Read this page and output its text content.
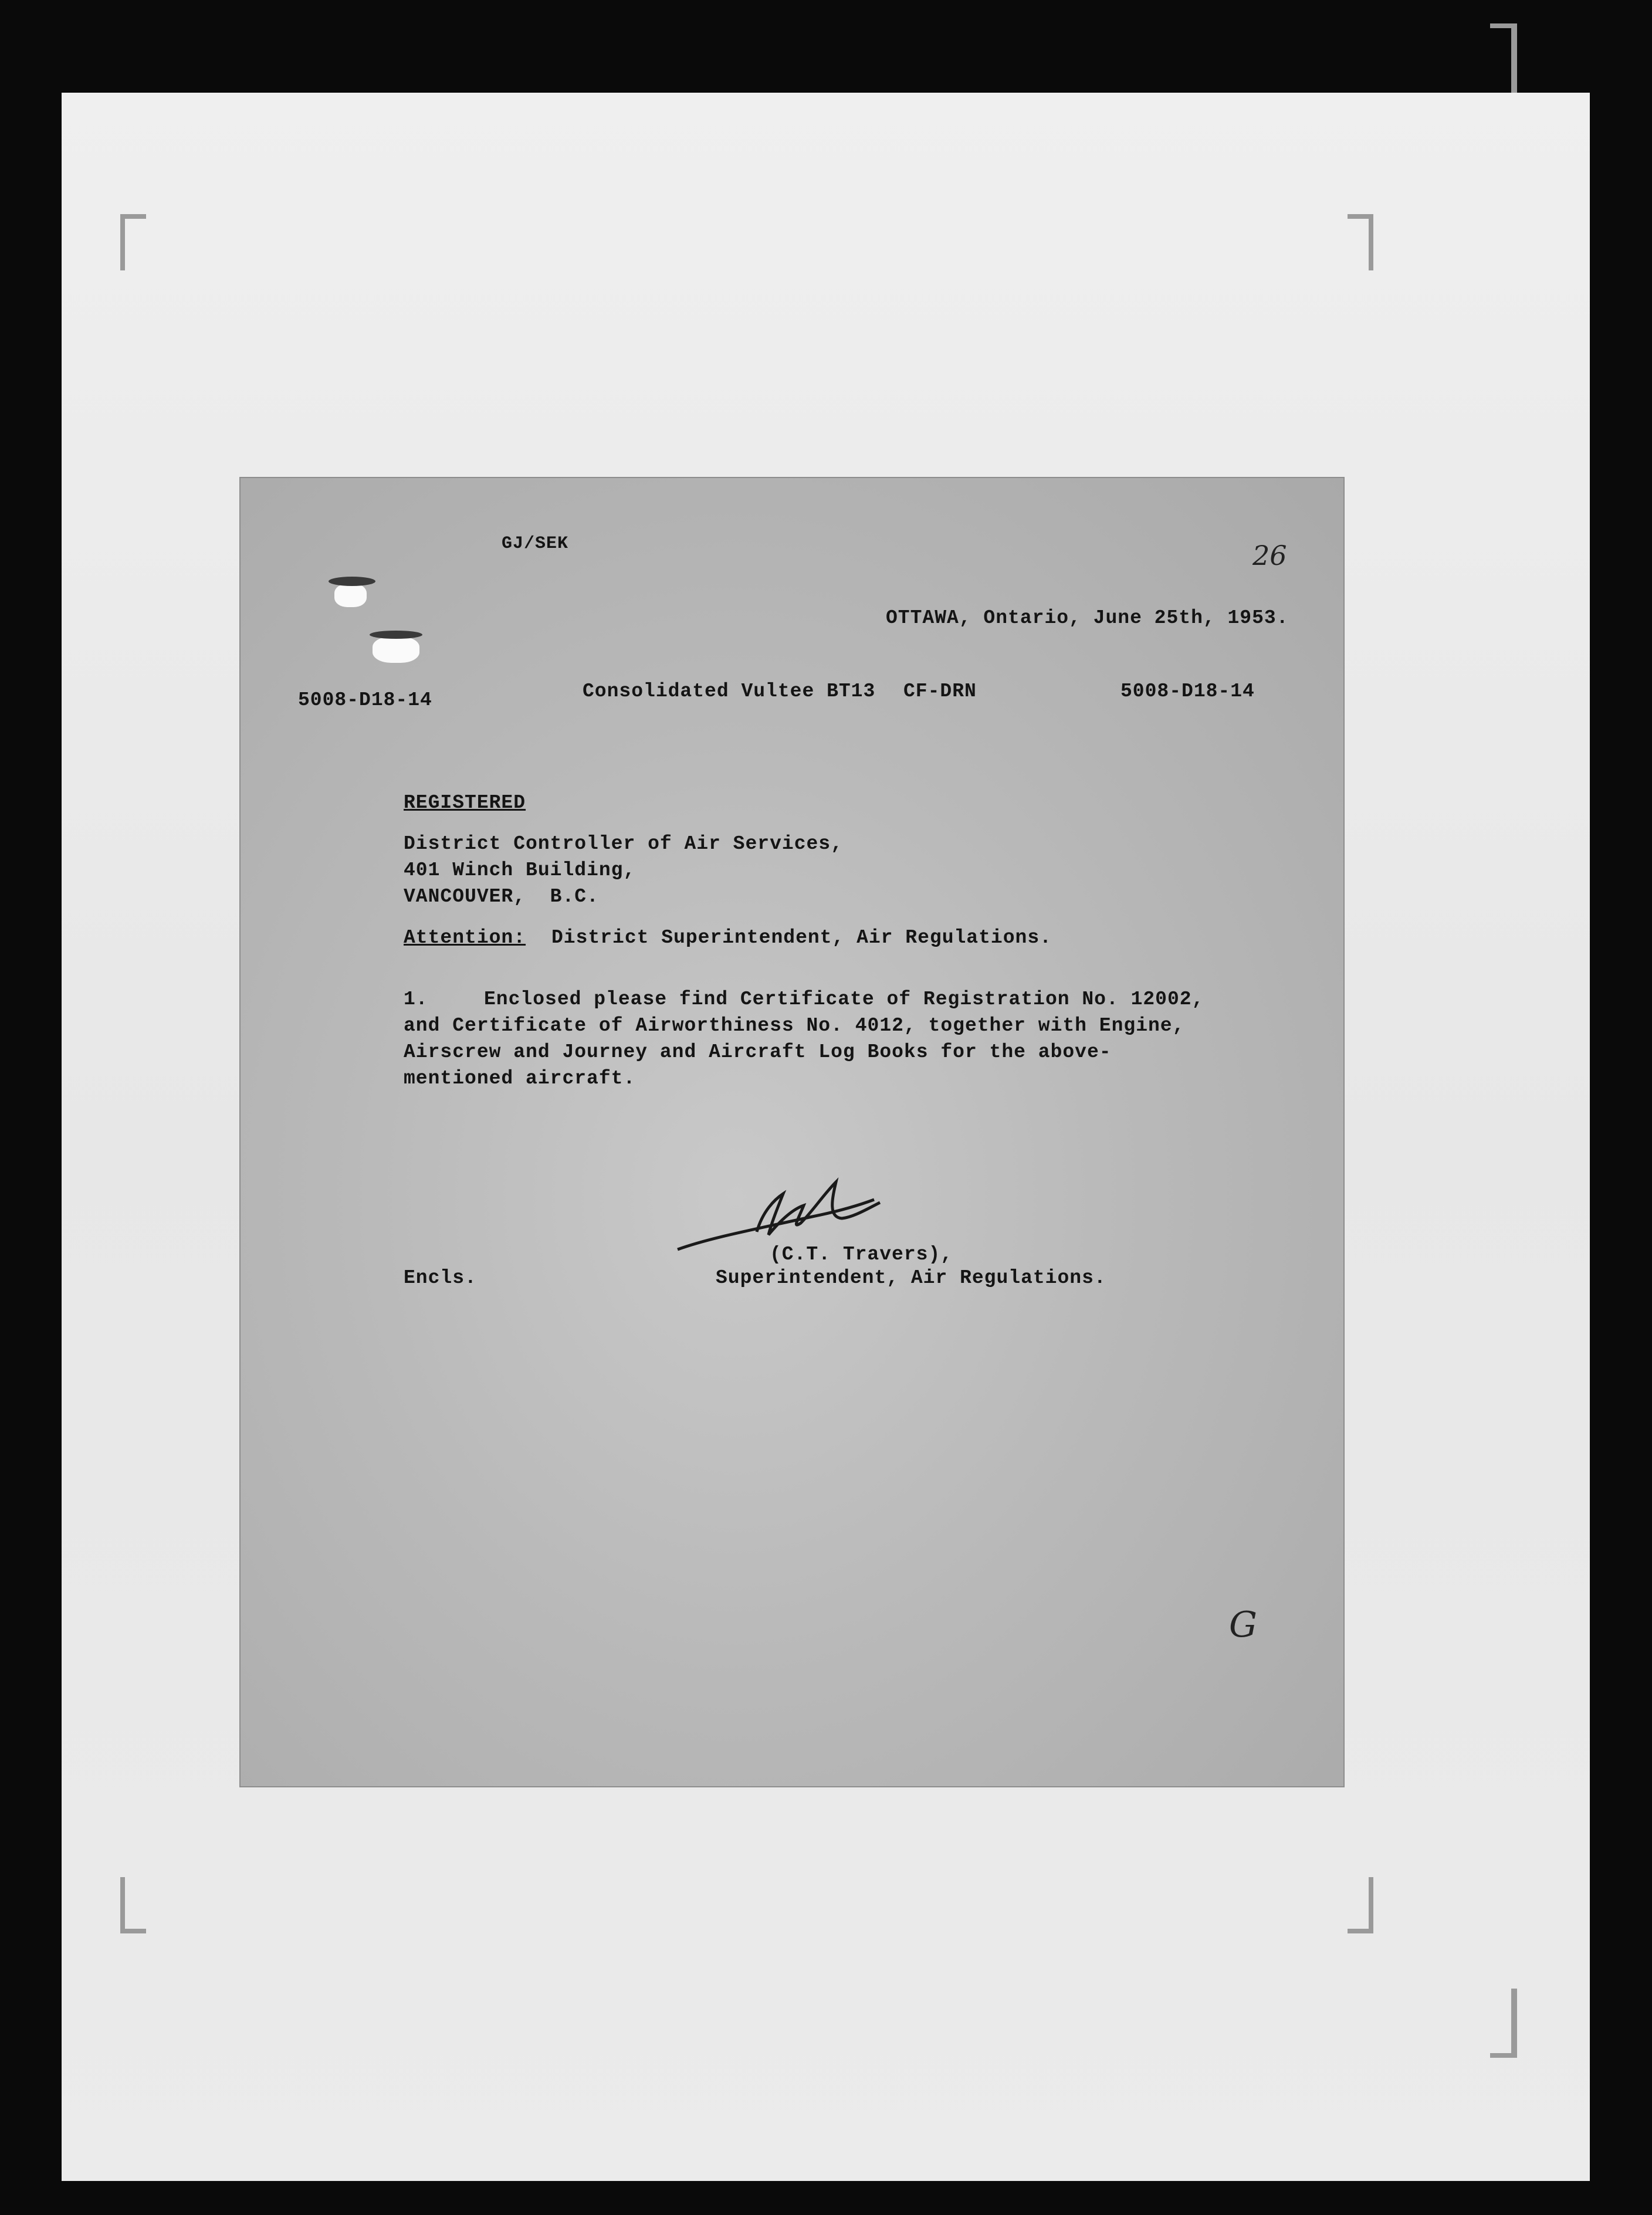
GJ/SEK	26
OTTAWA, Ontario, June 25th, 1953.
5008-D18-14	Consolidated Vultee BT13 CF-DRN	5008-D18-14
REGISTERED
District Controller of Air Services,
401 Winch Building,
VANCOUVER,  B.C.
Attention: District Superintendent, Air Regulations.
1.	Enclosed please find Certificate of Registration No. 12002,
and Certificate of Airworthiness No. 4012, together with Engine,
Airscrew and Journey and Aircraft Log Books for the above-
mentioned aircraft.
Encls.
(C.T. Travers),
Superintendent, Air Regulations.
G
